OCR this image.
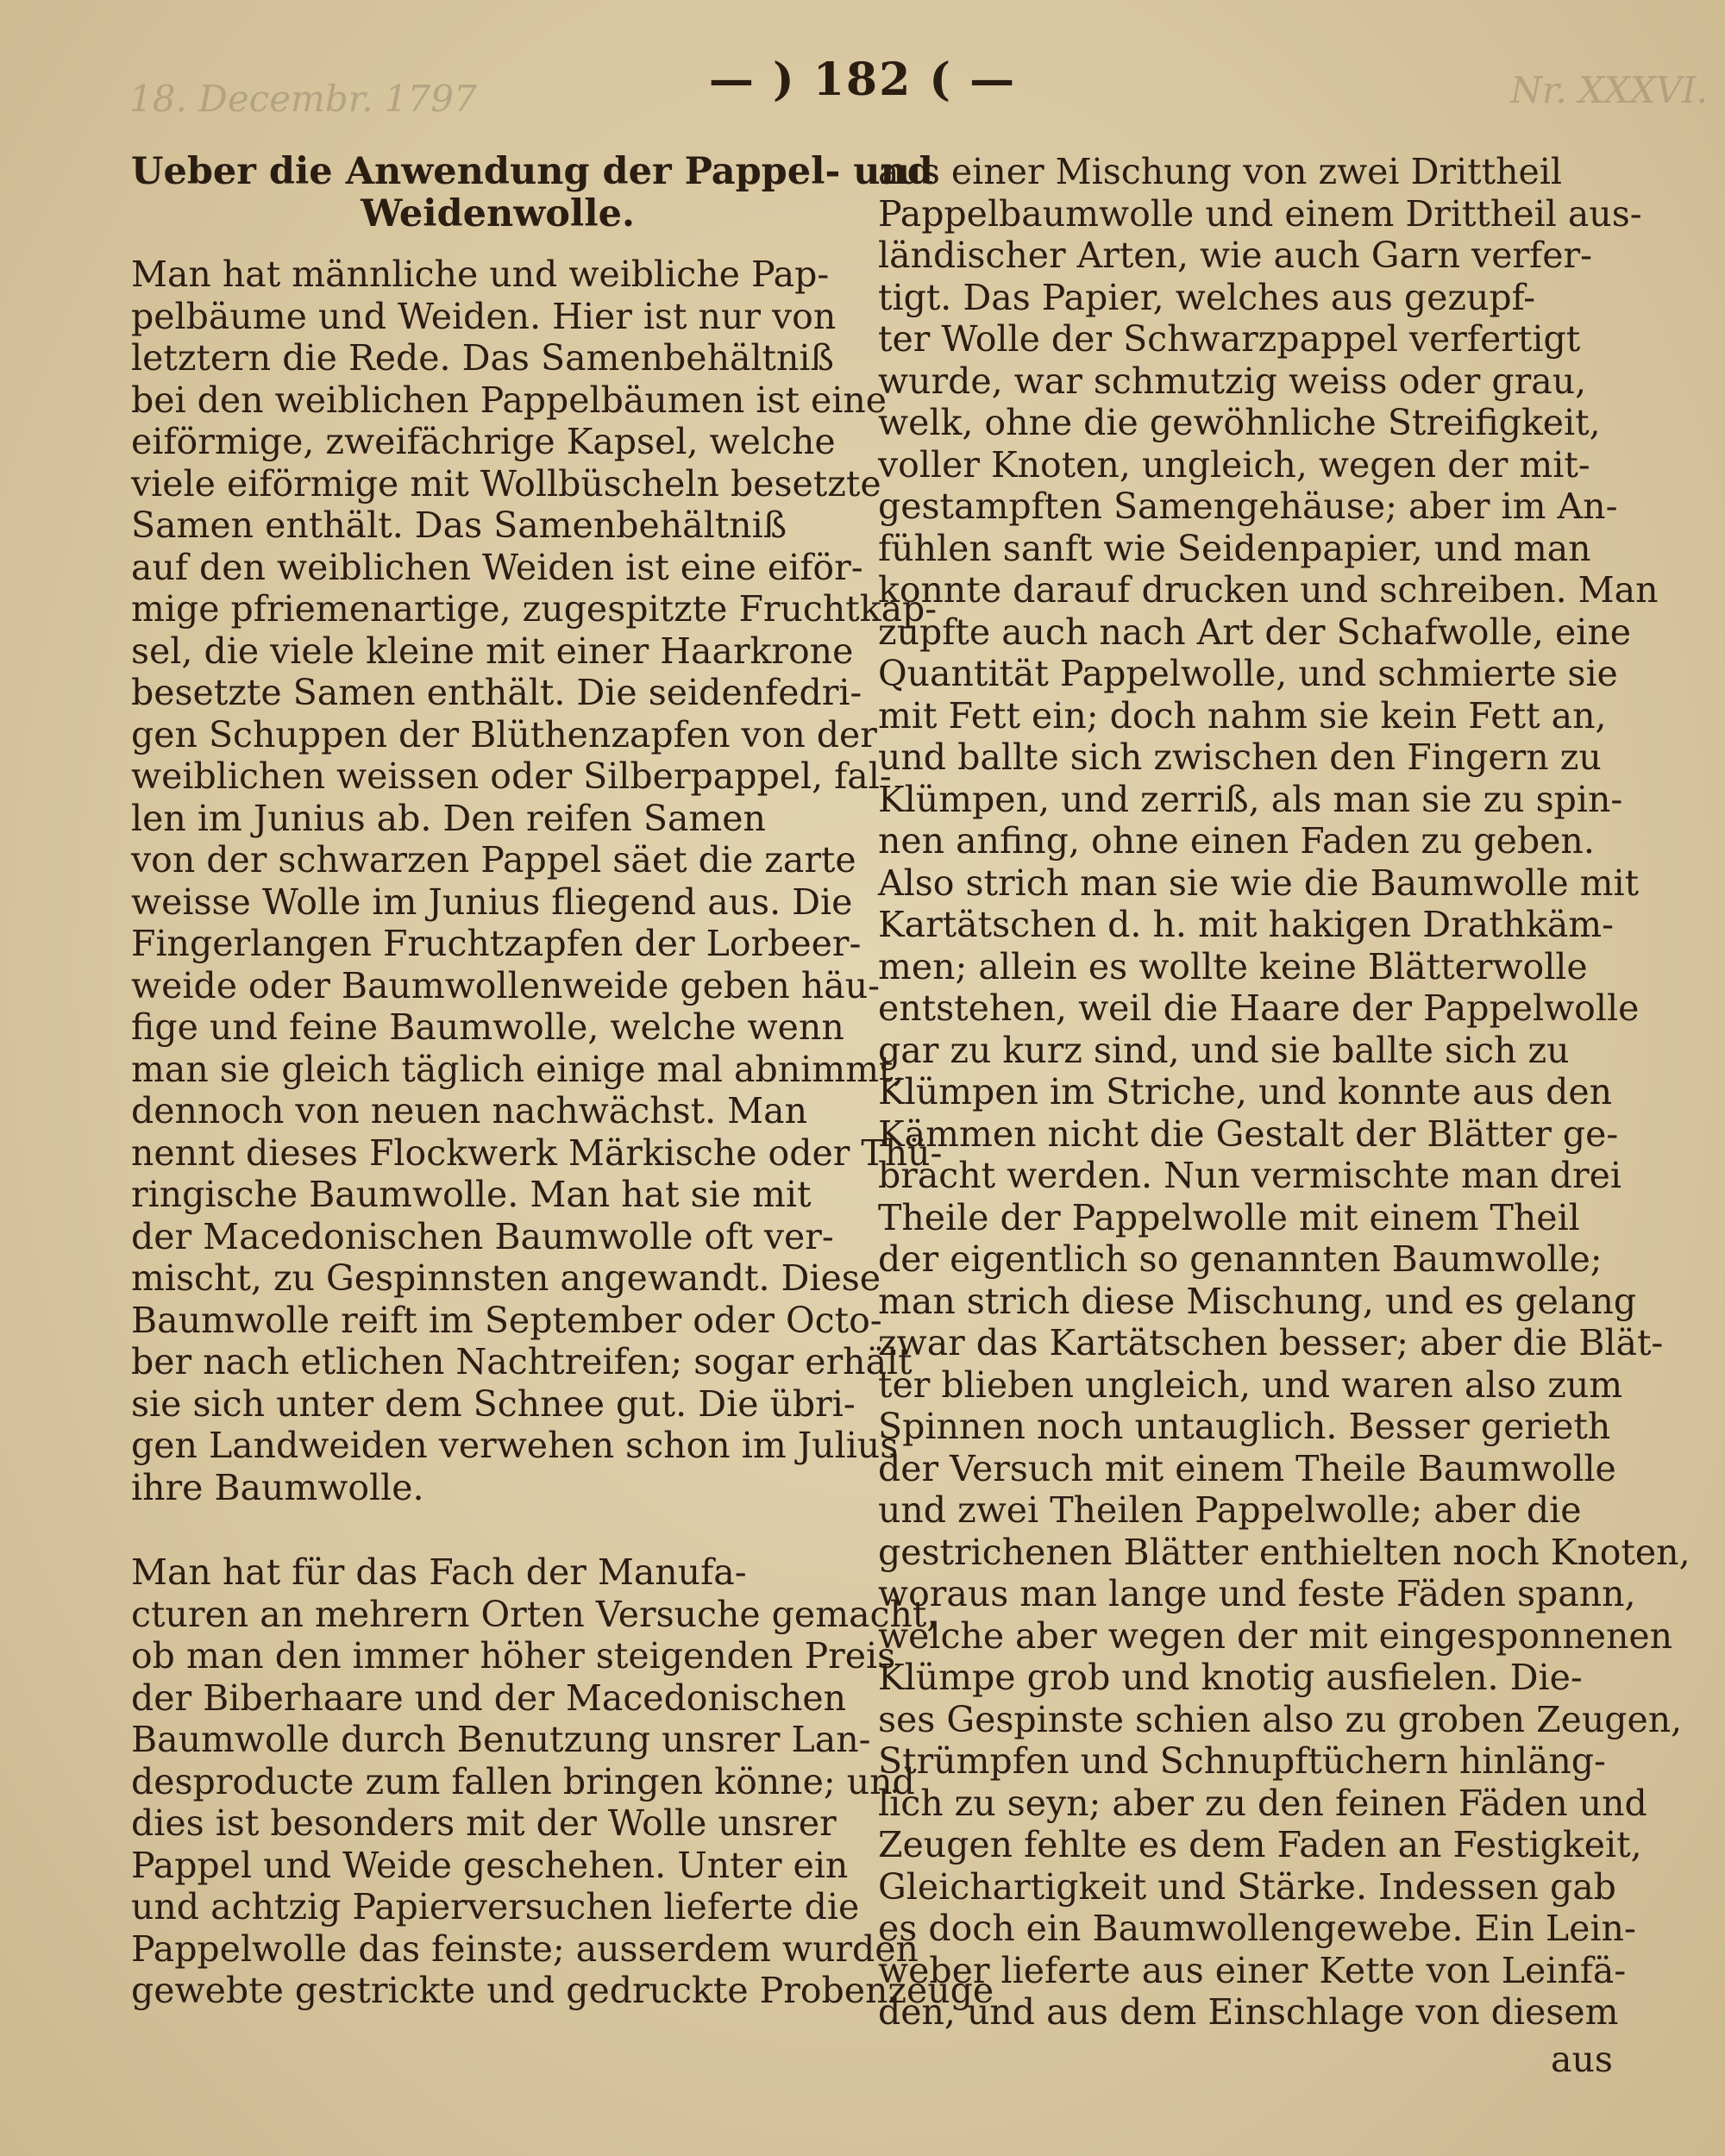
18. Decembr. 1797	Nr. XXXVI.
— ) 182 ( —
Ueber die Anwendung der Pappel- und
Weidenwolle.
Man hat männliche und weibliche Pap-
pelbäume und Weiden. Hier ist nur von
letztern die Rede. Das Samenbehältniß
bei den weiblichen Pappelbäumen ist eine
eiförmige, zweifächrige Kapsel, welche
viele eiförmige mit Wollbüscheln besetzte
Samen enthält. Das Samenbehältniß
auf den weiblichen Weiden ist eine eiför-
mige pfriemenartige, zugespitzte Fruchtkap-
sel, die viele kleine mit einer Haarkrone
besetzte Samen enthält. Die seidenfedri-
gen Schuppen der Blüthenzapfen von der
weiblichen weissen oder Silberpappel, fal-
len im Junius ab. Den reifen Samen
von der schwarzen Pappel säet die zarte
weisse Wolle im Junius fliegend aus. Die
Fingerlangen Fruchtzapfen der Lorbeer-
weide oder Baumwollenweide geben häu-
fige und feine Baumwolle, welche wenn
man sie gleich täglich einige mal abnimmt,
dennoch von neuen nachwächst. Man
nennt dieses Flockwerk Märkische oder Thü-
ringische Baumwolle. Man hat sie mit
der Macedonischen Baumwolle oft ver-
mischt, zu Gespinnsten angewandt. Diese
Baumwolle reift im September oder Octo-
ber nach etlichen Nachtreifen; sogar erhält
sie sich unter dem Schnee gut. Die übri-
gen Landweiden verwehen schon im Julius
ihre Baumwolle.
Man hat für das Fach der Manufa-
cturen an mehrern Orten Versuche gemacht,
ob man den immer höher steigenden Preis
der Biberhaare und der Macedonischen
Baumwolle durch Benutzung unsrer Lan-
desproducte zum fallen bringen könne; und
dies ist besonders mit der Wolle unsrer
Pappel und Weide geschehen. Unter ein
und achtzig Papierversuchen lieferte die
Pappelwolle das feinste; ausserdem wurden
gewebte gestrickte und gedruckte Probenzeuge
aus einer Mischung von zwei Drittheil
Pappelbaumwolle und einem Drittheil aus-
ländischer Arten, wie auch Garn verfer-
tigt. Das Papier, welches aus gezupf-
ter Wolle der Schwarzpappel verfertigt
wurde, war schmutzig weiss oder grau,
welk, ohne die gewöhnliche Streifigkeit,
voller Knoten, ungleich, wegen der mit-
gestampften Samengehäuse; aber im An-
fühlen sanft wie Seidenpapier, und man
konnte darauf drucken und schreiben. Man
zupfte auch nach Art der Schafwolle, eine
Quantität Pappelwolle, und schmierte sie
mit Fett ein; doch nahm sie kein Fett an,
und ballte sich zwischen den Fingern zu
Klümpen, und zerriß, als man sie zu spin-
nen anfing, ohne einen Faden zu geben.
Also strich man sie wie die Baumwolle mit
Kartätschen d. h. mit hakigen Drathkäm-
men; allein es wollte keine Blätterwolle
entstehen, weil die Haare der Pappelwolle
gar zu kurz sind, und sie ballte sich zu
Klümpen im Striche, und konnte aus den
Kämmen nicht die Gestalt der Blätter ge-
bracht werden. Nun vermischte man drei
Theile der Pappelwolle mit einem Theil
der eigentlich so genannten Baumwolle;
man strich diese Mischung, und es gelang
zwar das Kartätschen besser; aber die Blät-
ter blieben ungleich, und waren also zum
Spinnen noch untauglich. Besser gerieth
der Versuch mit einem Theile Baumwolle
und zwei Theilen Pappelwolle; aber die
gestrichenen Blätter enthielten noch Knoten,
woraus man lange und feste Fäden spann,
welche aber wegen der mit eingesponnenen
Klümpe grob und knotig ausfielen. Die-
ses Gespinste schien also zu groben Zeugen,
Strümpfen und Schnupftüchern hinläng-
lich zu seyn; aber zu den feinen Fäden und
Zeugen fehlte es dem Faden an Festigkeit,
Gleichartigkeit und Stärke. Indessen gab
es doch ein Baumwollengewebe. Ein Lein-
weber lieferte aus einer Kette von Leinfä-
den, und aus dem Einschlage von diesem
aus
